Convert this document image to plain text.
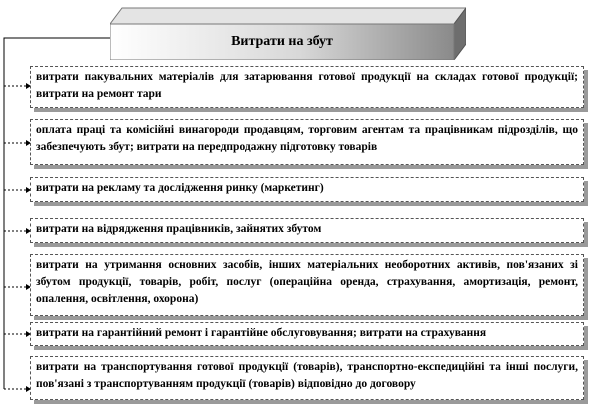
Витрати на збут
витрати пакувальних матеріалів для затарювання готової продукції на складах готової продукції; витрати на ремонт тари
оплата праці та комісійні винагороди продавцям, торговим агентам та працівникам підрозділів, що забезпечують збут; витрати на передпродажну підготовку товарів
витрати на рекламу та дослідження ринку (маркетинг)
витрати на відрядження працівників, зайнятих збутом
витрати на утримання основних засобів, інших матеріальних необоротних активів, пов'язаних зі збутом продукції, товарів, робіт, послуг (операційна оренда, страхування, амортизація, ремонт, опалення, освітлення, охорона)
витрати на гарантійний ремонт і гарантійне обслуговування; витрати на страхування
витрати на транспортування готової продукції (товарів), транспортно-експедиційні та інші послуги, пов'язані з транспортуванням продукції (товарів) відповідно до договору
